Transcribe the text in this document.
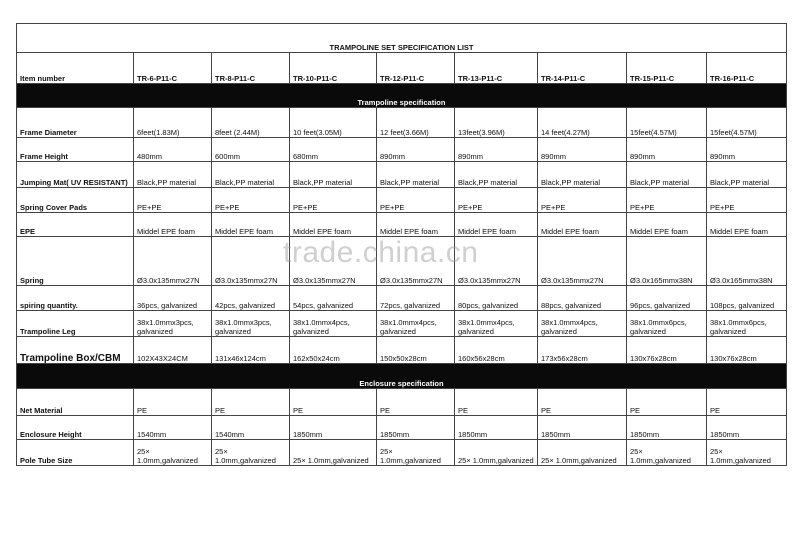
TRAMPOLINE SET SPECIFICATION LIST								
Item number	TR-6-P11-C	TR-8-P11-C	TR-10-P11-C	TR-12-P11-C	TR-13-P11-C	TR-14-P11-C	TR-15-P11-C	TR-16-P11-C
Trampoline specification								
Frame Diameter	6feet(1.83M)	8feet (2.44M)	10 feet(3.05M)	12 feet(3.66M)	13feet(3.96M)	14 feet(4.27M)	15feet(4.57M)	15feet(4.57M)
Frame Height	480mm	600mm	680mm	890mm	890mm	890mm	890mm	890mm
Jumping Mat( UV RESISTANT)	Black,PP material	Black,PP material	Black,PP material	Black,PP material	Black,PP material	Black,PP material	Black,PP material	Black,PP material
Spring Cover Pads	PE+PE	PE+PE	PE+PE	PE+PE	PE+PE	PE+PE	PE+PE	PE+PE
EPE	Middel EPE foam	Middel EPE foam	Middel EPE foam	Middel EPE foam	Middel EPE foam	Middel EPE foam	Middel EPE foam	Middel EPE foam
Spring	Ø3.0x135mmx27N	Ø3.0x135mmx27N	Ø3.0x135mmx27N	Ø3.0x135mmx27N	Ø3.0x135mmx27N	Ø3.0x135mmx27N	Ø3.0x165mmx38N	Ø3.0x165mmx38N
spiring quantity.	36pcs, galvanized	42pcs, galvanized	54pcs, galvanized	72pcs, galvanized	80pcs, galvanized	88pcs, galvanized	96pcs, galvanized	108pcs, galvanized
Trampoline Leg	38x1.0mmx3pcs, galvanized	38x1.0mmx3pcs, galvanized	38x1.0mmx4pcs, galvanized	38x1.0mmx4pcs, galvanized	38x1.0mmx4pcs, galvanized	38x1.0mmx4pcs, galvanized	38x1.0mmx6pcs, galvanized	38x1.0mmx6pcs, galvanized
Trampoline Box/CBM	102X43X24CM	131x46x124cm	162x50x24cm	150x50x28cm	160x56x28cm	173x56x28cm	130x76x28cm	130x76x28cm
Enclosure specification								
Net Material	PE	PE	PE	PE	PE	PE	PE	PE
Enclosure Height	1540mm	1540mm	1850mm	1850mm	1850mm	1850mm	1850mm	1850mm
Pole Tube Size	25× 1.0mm,galvanized	25× 1.0mm,galvanized	25× 1.0mm,galvanized	25× 1.0mm,galvanized	25× 1.0mm,galvanized	25× 1.0mm,galvanized	25× 1.0mm,galvanized	25× 1.0mm,galvanized
trade.china.cn
